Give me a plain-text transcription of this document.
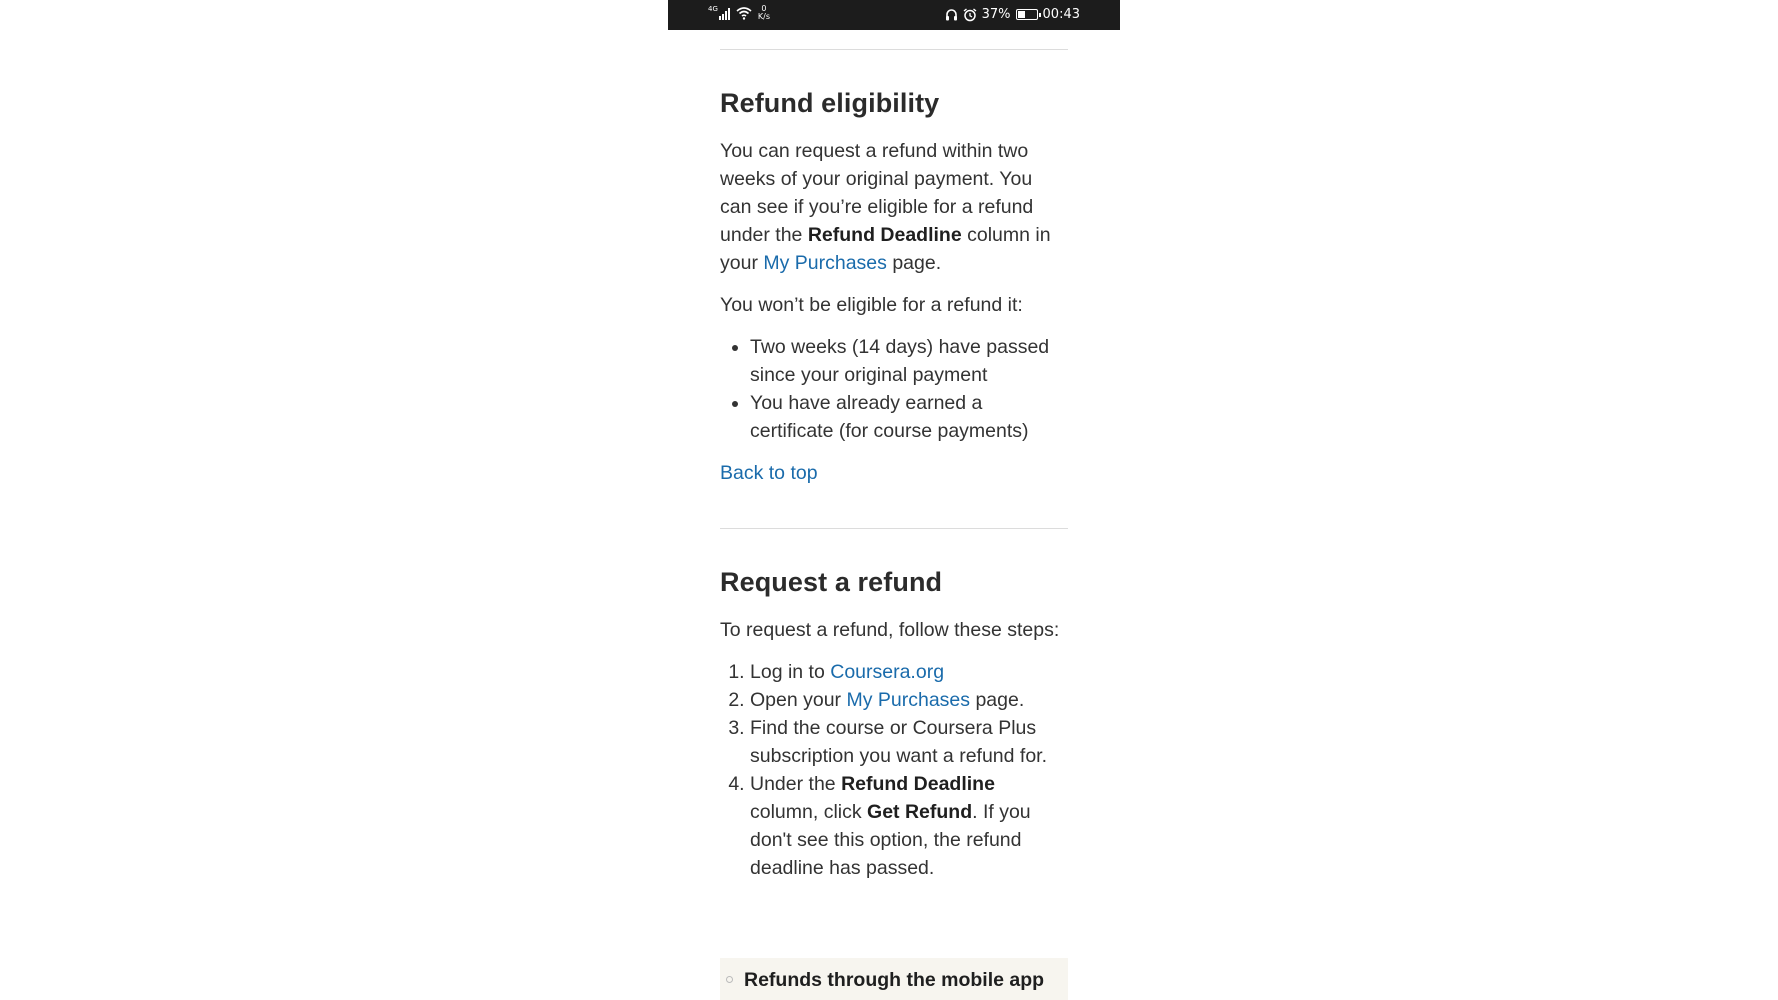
4G	0
K/s	37% 00:43
Refund eligibility

You can request a refund within two weeks of your original payment. You can see if you’re eligible for a refund under the Refund Deadline column in your My Purchases page.

You won’t be eligible for a refund it:

• Two weeks (14 days) have passed since your original payment
• You have already earned a certificate (for course payments)

Back to top

Request a refund

To request a refund, follow these steps:

1. Log in to Coursera.org
2. Open your My Purchases page.
3. Find the course or Coursera Plus subscription you want a refund for.
4. Under the Refund Deadline column, click Get Refund. If you don't see this option, the refund deadline has passed.
Refunds through the mobile app
